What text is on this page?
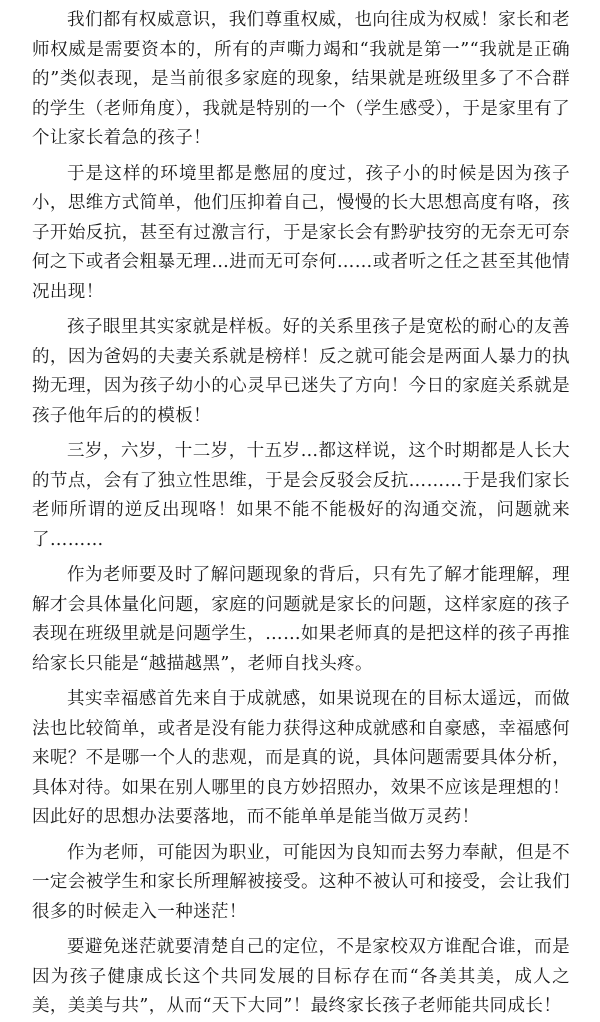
我们都有权威意识，我们尊重权威，也向往成为权威！家长和老师权威是需要资本的，所有的声嘶力竭和“我就是第一”“我就是正确的”类似表现，是当前很多家庭的现象，结果就是班级里多了不合群的学生（老师角度），我就是特别的一个（学生感受），于是家里有了个让家长着急的孩子！

于是这样的环境里都是憋屈的度过，孩子小的时候是因为孩子小，思维方式简单，他们压抑着自己，慢慢的长大思想高度有咯，孩子开始反抗，甚至有过激言行，于是家长会有黔驴技穷的无奈无可奈何之下或者会粗暴无理…进而无可奈何……或者听之任之甚至其他情况出现！

孩子眼里其实家就是样板。好的关系里孩子是宽松的耐心的友善的，因为爸妈的夫妻关系就是榜样！反之就可能会是两面人暴力的执拗无理，因为孩子幼小的心灵早已迷失了方向！今日的家庭关系就是孩子他年后的的模板！

三岁，六岁，十二岁，十五岁…都这样说，这个时期都是人长大的节点，会有了独立性思维，于是会反驳会反抗………于是我们家长老师所谓的逆反出现咯！如果不能不能极好的沟通交流，问题就来了………

作为老师要及时了解问题现象的背后，只有先了解才能理解，理解才会具体量化问题，家庭的问题就是家长的问题，这样家庭的孩子表现在班级里就是问题学生，……如果老师真的是把这样的孩子再推给家长只能是“越描越黑”，老师自找头疼。

其实幸福感首先来自于成就感，如果说现在的目标太遥远，而做法也比较简单，或者是没有能力获得这种成就感和自豪感，幸福感何来呢？不是哪一个人的悲观，而是真的说，具体问题需要具体分析，具体对待。如果在别人哪里的良方妙招照办，效果不应该是理想的！因此好的思想办法要落地，而不能单单是能当做万灵药！

作为老师，可能因为职业，可能因为良知而去努力奉献，但是不一定会被学生和家长所理解被接受。这种不被认可和接受，会让我们很多的时候走入一种迷茫！

要避免迷茫就要清楚自己的定位，不是家校双方谁配合谁，而是因为孩子健康成长这个共同发展的目标存在而“各美其美，成人之美，美美与共”，从而“天下大同”！最终家长孩子老师能共同成长！
